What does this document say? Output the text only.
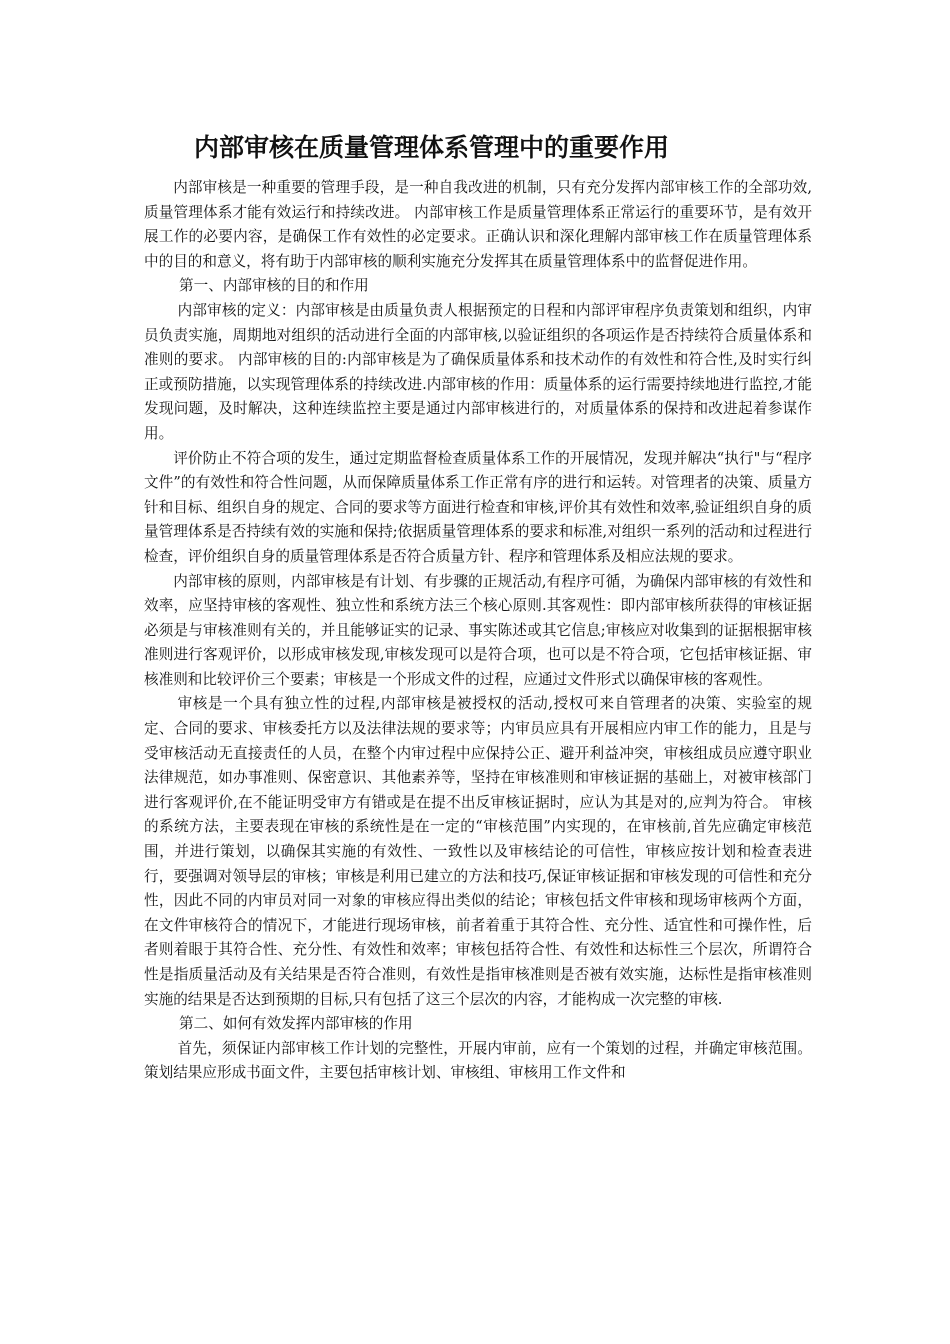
内部审核在质量管理体系管理中的重要作用

内部审核是一种重要的管理手段，是一种自我改进的机制，只有充分发挥内部审核工作的全部功效,质量管理体系才能有效运行和持续改进。 内部审核工作是质量管理体系正常运行的重要环节，是有效开展工作的必要内容，是确保工作有效性的必定要求。正确认识和深化理解内部审核工作在质量管理体系中的目的和意义，将有助于内部审核的顺利实施充分发挥其在质量管理体系中的监督促进作用。

第一、内部审核的目的和作用

内部审核的定义：内部审核是由质量负责人根据预定的日程和内部评审程序负责策划和组织，内审员负责实施，周期地对组织的活动进行全面的内部审核,以验证组织的各项运作是否持续符合质量体系和准则的要求。 内部审核的目的:内部审核是为了确保质量体系和技术动作的有效性和符合性,及时实行纠正或预防措施，以实现管理体系的持续改进.内部审核的作用：质量体系的运行需要持续地进行监控,才能发现问题，及时解决，这种连续监控主要是通过内部审核进行的，对质量体系的保持和改进起着参谋作用。

评价防止不符合项的发生，通过定期监督检查质量体系工作的开展情况，发现并解决“执行"与“程序文件”的有效性和符合性问题，从而保障质量体系工作正常有序的进行和运转。对管理者的决策、质量方针和目标、组织自身的规定、合同的要求等方面进行检查和审核,评价其有效性和效率,验证组织自身的质量管理体系是否持续有效的实施和保持;依据质量管理体系的要求和标准,对组织一系列的活动和过程进行检查，评价组织自身的质量管理体系是否符合质量方针、程序和管理体系及相应法规的要求。

内部审核的原则，内部审核是有计划、有步骤的正规活动,有程序可循，为确保内部审核的有效性和效率，应坚持审核的客观性、独立性和系统方法三个核心原则.其客观性：即内部审核所获得的审核证据必须是与审核准则有关的，并且能够证实的记录、事实陈述或其它信息;审核应对收集到的证据根据审核准则进行客观评价，以形成审核发现,审核发现可以是符合项，也可以是不符合项，它包括审核证据、审核准则和比较评价三个要素；审核是一个形成文件的过程，应通过文件形式以确保审核的客观性。

审核是一个具有独立性的过程,内部审核是被授权的活动,授权可来自管理者的决策、实验室的规定、合同的要求、审核委托方以及法律法规的要求等；内审员应具有开展相应内审工作的能力，且是与受审核活动无直接责任的人员，在整个内审过程中应保持公正、避开利益冲突，审核组成员应遵守职业法律规范，如办事准则、保密意识、其他素养等，坚持在审核准则和审核证据的基础上，对被审核部门进行客观评价,在不能证明受审方有错或是在提不出反审核证据时，应认为其是对的,应判为符合。 审核的系统方法，主要表现在审核的系统性是在一定的“审核范围”内实现的，在审核前,首先应确定审核范围，并进行策划，以确保其实施的有效性、一致性以及审核结论的可信性，审核应按计划和检查表进行，要强调对领导层的审核；审核是利用已建立的方法和技巧,保证审核证据和审核发现的可信性和充分性，因此不同的内审员对同一对象的审核应得出类似的结论；审核包括文件审核和现场审核两个方面，在文件审核符合的情况下，才能进行现场审核，前者着重于其符合性、充分性、适宜性和可操作性，后者则着眼于其符合性、充分性、有效性和效率；审核包括符合性、有效性和达标性三个层次，所谓符合性是指质量活动及有关结果是否符合准则，有效性是指审核准则是否被有效实施，达标性是指审核准则实施的结果是否达到预期的目标,只有包括了这三个层次的内容，才能构成一次完整的审核.

第二、如何有效发挥内部审核的作用

首先，须保证内部审核工作计划的完整性，开展内审前，应有一个策划的过程，并确定审核范围。策划结果应形成书面文件，主要包括审核计划、审核组、审核用工作文件和
